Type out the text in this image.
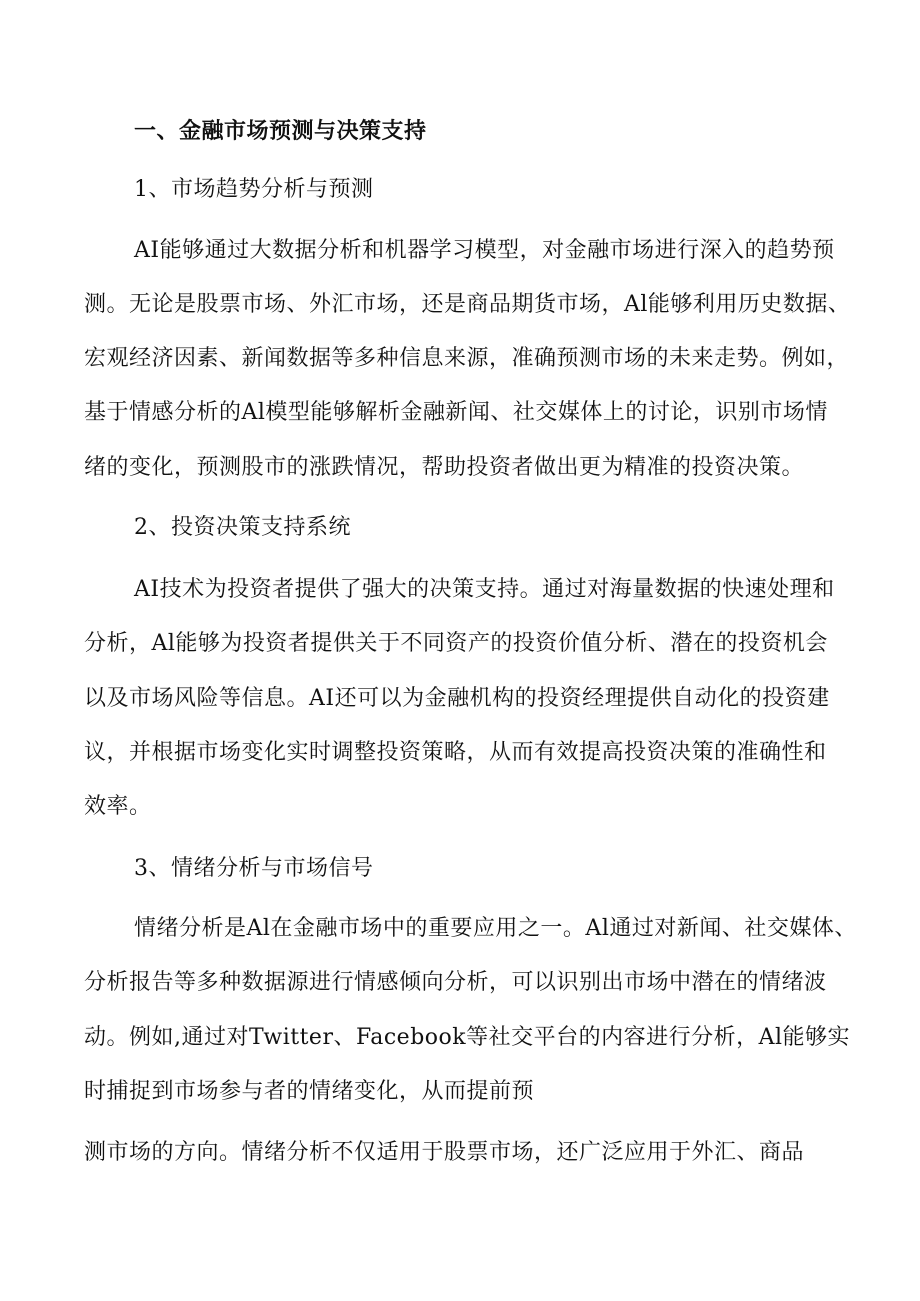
一、金融市场预测与决策支持
1、市场趋势分析与预测
AI能够通过大数据分析和机器学习模型，对金融市场进行深入的趋势预
测。无论是股票市场、外汇市场，还是商品期货市场，Al能够利用历史数据、
宏观经济因素、新闻数据等多种信息来源，准确预测市场的未来走势。例如，
基于情感分析的Al模型能够解析金融新闻、社交媒体上的讨论，识别市场情
绪的变化，预测股市的涨跌情况，帮助投资者做出更为精准的投资决策。
2、投资决策支持系统
AI技术为投资者提供了强大的决策支持。通过对海量数据的快速处理和
分析，Al能够为投资者提供关于不同资产的投资价值分析、潜在的投资机会
以及市场风险等信息。AI还可以为金融机构的投资经理提供自动化的投资建
议，并根据市场变化实时调整投资策略，从而有效提高投资决策的准确性和
效率。
3、情绪分析与市场信号
情绪分析是Al在金融市场中的重要应用之一。Al通过对新闻、社交媒体、
分析报告等多种数据源进行情感倾向分析，可以识别出市场中潜在的情绪波
动。例如,通过对Twitter、Facebook等社交平台的内容进行分析，Al能够实
时捕捉到市场参与者的情绪变化，从而提前预
测市场的方向。情绪分析不仅适用于股票市场，还广泛应用于外汇、商品
